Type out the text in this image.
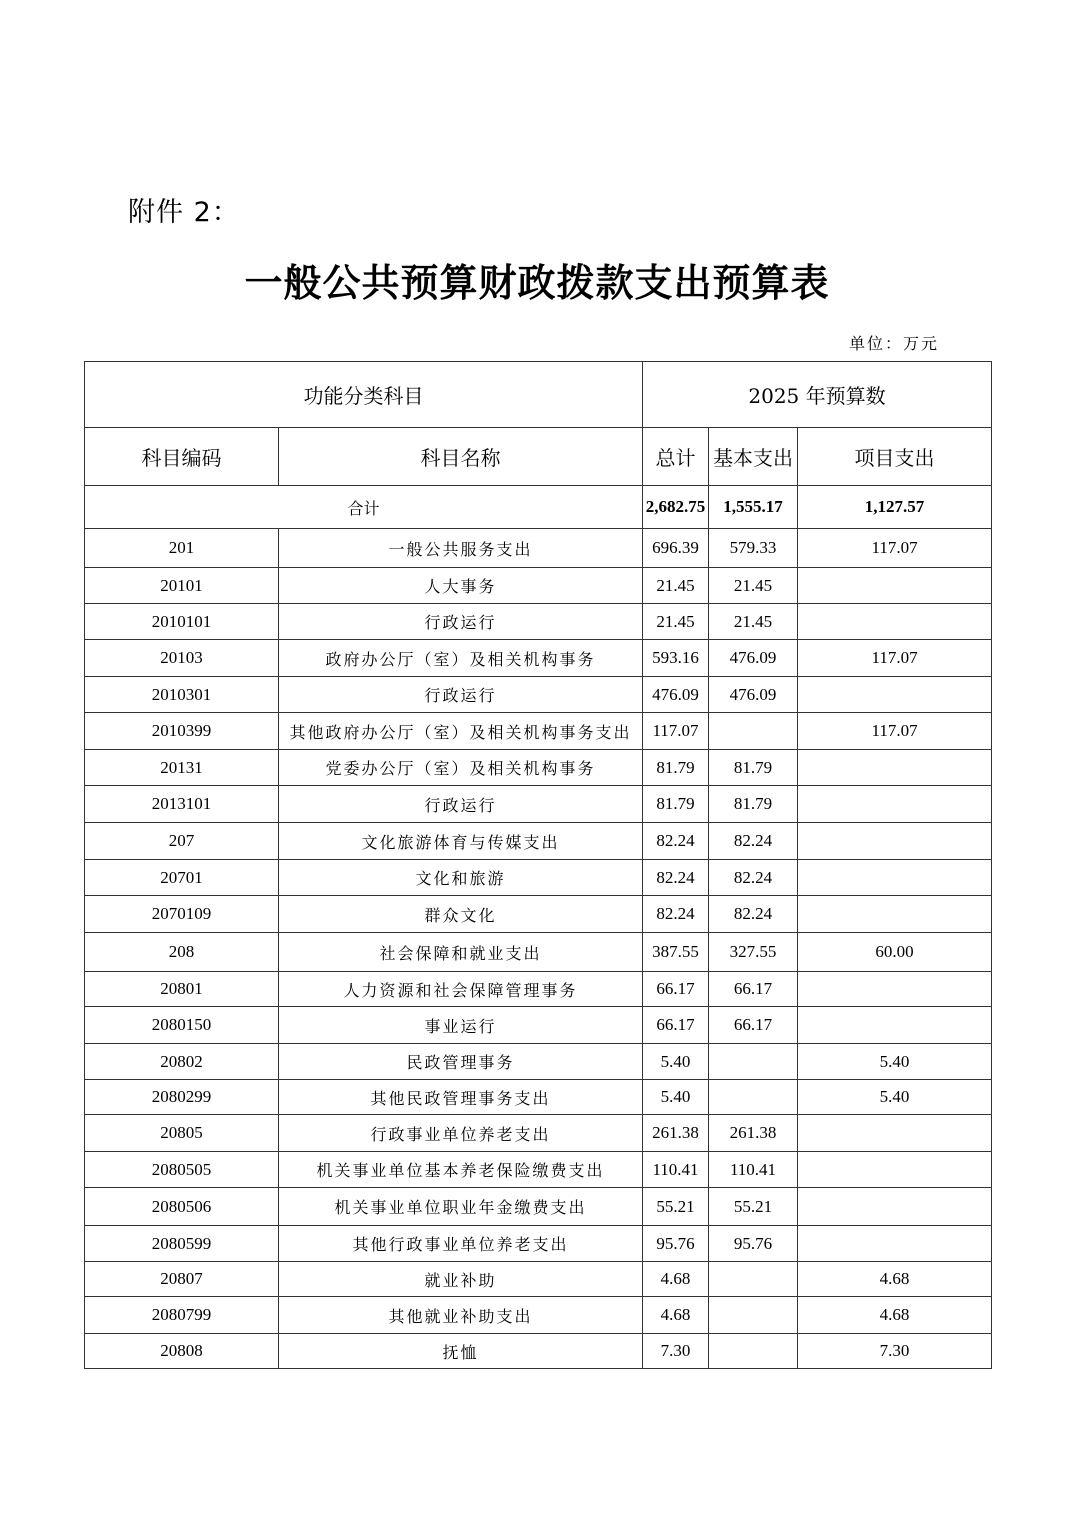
附件 2：
一般公共预算财政拨款支出预算表
单位：万元
功能分类科目		2025 年预算数		
科目编码	科目名称	总计	基本支出	项目支出
合计		2,682.75	1,555.17	1,127.57
201	一般公共服务支出	696.39	579.33	117.07
20101	人大事务	21.45	21.45	
2010101	行政运行	21.45	21.45	
20103	政府办公厅（室）及相关机构事务	593.16	476.09	117.07
2010301	行政运行	476.09	476.09	
2010399	其他政府办公厅（室）及相关机构事务支出	117.07		117.07
20131	党委办公厅（室）及相关机构事务	81.79	81.79	
2013101	行政运行	81.79	81.79	
207	文化旅游体育与传媒支出	82.24	82.24	
20701	文化和旅游	82.24	82.24	
2070109	群众文化	82.24	82.24	
208	社会保障和就业支出	387.55	327.55	60.00
20801	人力资源和社会保障管理事务	66.17	66.17	
2080150	事业运行	66.17	66.17	
20802	民政管理事务	5.40		5.40
2080299	其他民政管理事务支出	5.40		5.40
20805	行政事业单位养老支出	261.38	261.38	
2080505	机关事业单位基本养老保险缴费支出	110.41	110.41	
2080506	机关事业单位职业年金缴费支出	55.21	55.21	
2080599	其他行政事业单位养老支出	95.76	95.76	
20807	就业补助	4.68		4.68
2080799	其他就业补助支出	4.68		4.68
20808	抚恤	7.30		7.30
